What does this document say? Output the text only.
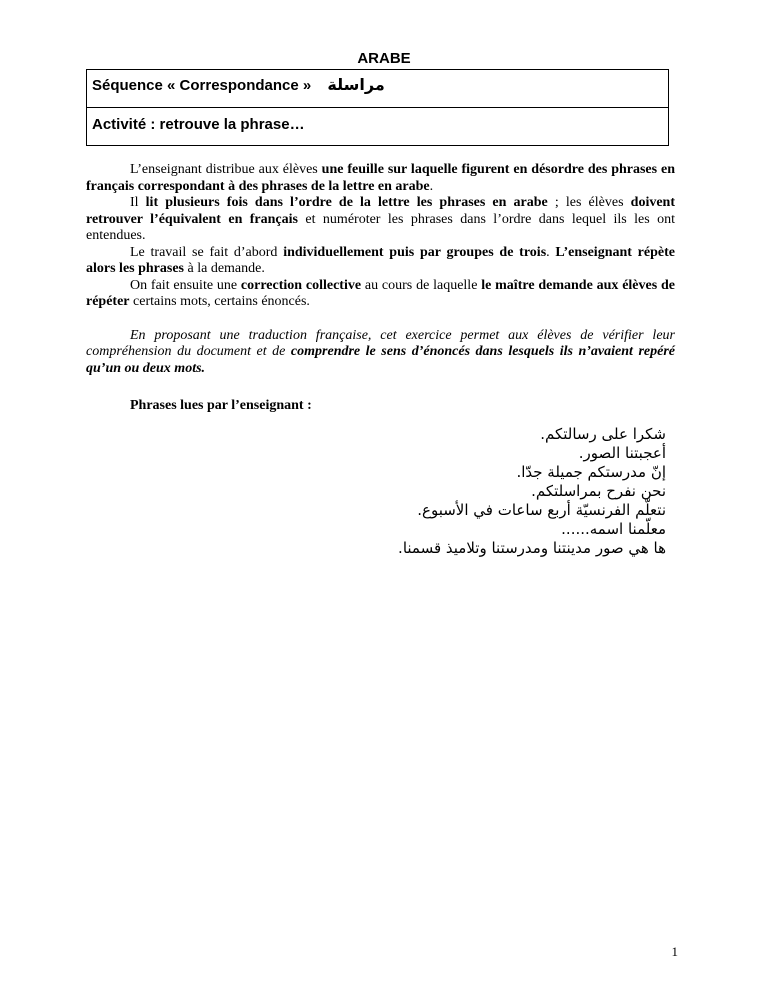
ARABE
Séquence « Correspondance » مراسلة
Activité : retrouve la phrase…

L’enseignant distribue aux élèves une feuille sur laquelle figurent en désordre des phrases en français correspondant à des phrases de la lettre en arabe.

Il lit plusieurs fois dans l’ordre de la lettre les phrases en arabe ; les élèves doivent retrouver l’équivalent en français et numéroter les phrases dans l’ordre dans lequel ils les ont entendues.

Le travail se fait d’abord individuellement puis par groupes de trois. L’enseignant répète alors les phrases à la demande.

On fait ensuite une correction collective au cours de laquelle le maître demande aux élèves de répéter certains mots, certains énoncés.

En proposant une traduction française, cet exercice permet aux élèves de vérifier leur compréhension du document et de comprendre le sens d’énoncés dans lesquels ils n’avaient repéré qu’un ou deux mots.

Phrases lues par l’enseignant :
شكرا على رسالتكم.
أعجبتنا الصور.
إنّ مدرستكم جميلة جدّا.
نحن نفرح بمراسلتكم.
نتعلّم الفرنسيّة أربع ساعات في الأسبوع.
معلّمنا اسمه......
ها هي صور مدينتنا ومدرستنا وتلاميذ قسمنا.
1
